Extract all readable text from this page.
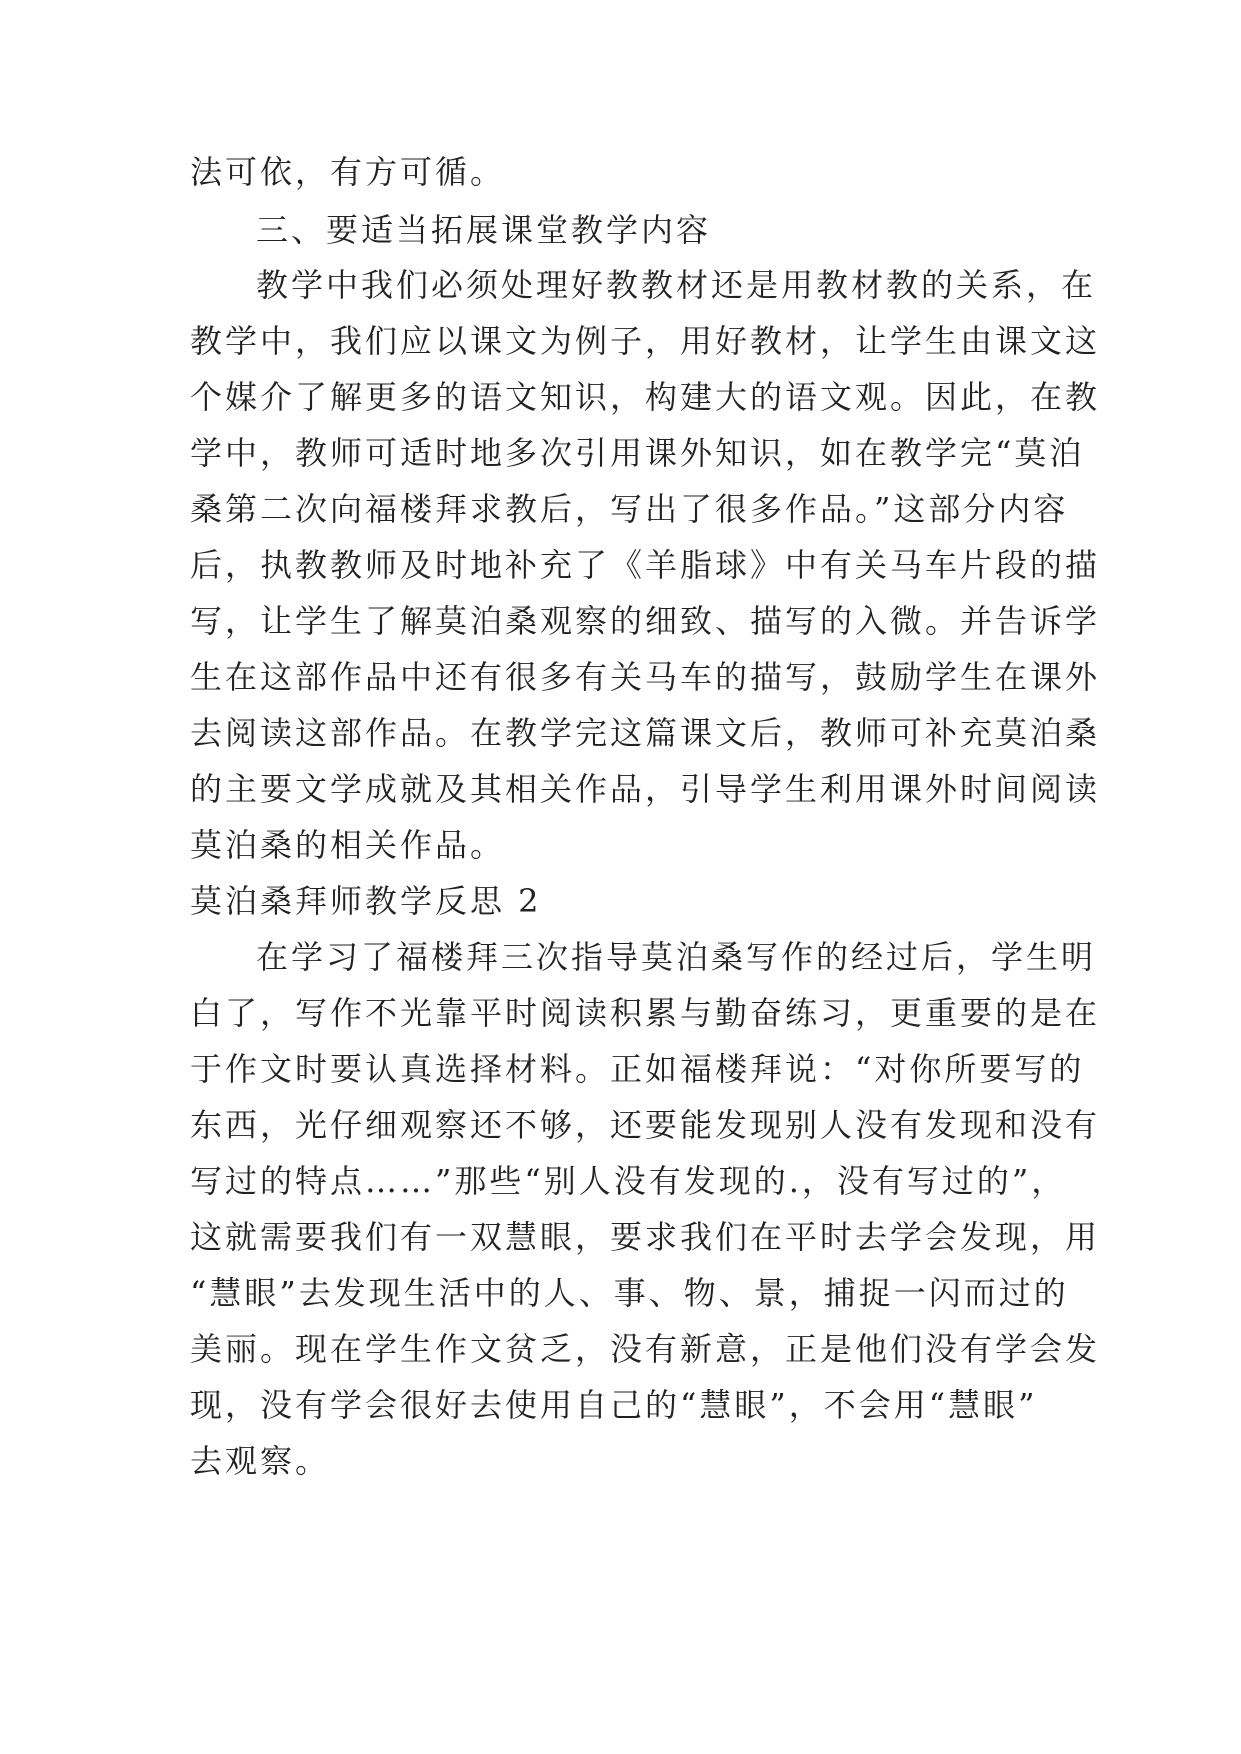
法可依，有方可循。
三、要适当拓展课堂教学内容
教学中我们必须处理好教教材还是用教材教的关系，在
教学中，我们应以课文为例子，用好教材，让学生由课文这
个媒介了解更多的语文知识，构建大的语文观。因此，在教
学中，教师可适时地多次引用课外知识，如在教学完“莫泊
桑第二次向福楼拜求教后，写出了很多作品。”这部分内容
后，执教教师及时地补充了《羊脂球》中有关马车片段的描
写，让学生了解莫泊桑观察的细致、描写的入微。并告诉学
生在这部作品中还有很多有关马车的描写，鼓励学生在课外
去阅读这部作品。在教学完这篇课文后，教师可补充莫泊桑
的主要文学成就及其相关作品，引导学生利用课外时间阅读
莫泊桑的相关作品。
莫泊桑拜师教学反思 2
在学习了福楼拜三次指导莫泊桑写作的经过后，学生明
白了，写作不光靠平时阅读积累与勤奋练习，更重要的是在
于作文时要认真选择材料。正如福楼拜说：“对你所要写的
东西，光仔细观察还不够，还要能发现别人没有发现和没有
写过的特点……”那些“别人没有发现的.，没有写过的”，
这就需要我们有一双慧眼，要求我们在平时去学会发现，用
“慧眼”去发现生活中的人、事、物、景，捕捉一闪而过的
美丽。现在学生作文贫乏，没有新意，正是他们没有学会发
现，没有学会很好去使用自己的“慧眼”，不会用“慧眼”
去观察。
